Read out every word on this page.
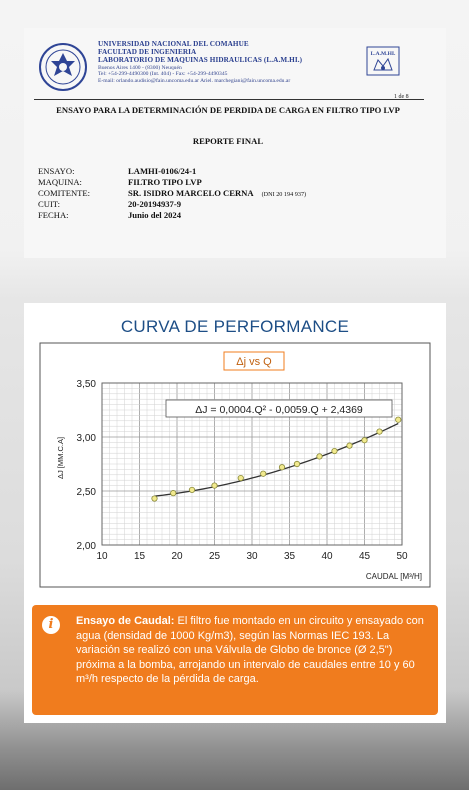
UNIVERSIDAD NACIONAL DEL COMAHUE
FACULTAD DE INGENIERIA
LABORATORIO DE MAQUINAS HIDRAULICAS (L.A.M.HI.)
Buenos Aires 1400 - (8300) Neuquén
Tel: +54-299-4490300 (Int. 404) - Fax: +54-299-4490345
E-mail: orlando.audisio@fain.uncoma.edu.ar Ariel. marchegiani@fain.uncoma.edu.ar
L.A.M.HI.
1 de 8
ENSAYO PARA LA DETERMINACIÓN DE PERDIDA DE CARGA EN FILTRO TIPO LVP
REPORTE FINAL
ENSAYO:	LAMHI-0106/24-1
MAQUINA:	FILTRO TIPO LVP
COMITENTE:	SR. ISIDRO MARCELO CERNA (DNI 20 194 937)
CUIT:	20-20194937-9
FECHA:	Junio del 2024
CURVA DE PERFORMANCE
10	15	20	25	30	35	40	45	50
2,00
2,50
3,00
3,50
Δj vs Q
ΔJ = 0,0004.Q² - 0,0059.Q + 2,4369
ΔJ [MM.C.A]
CAUDAL [M³/H]
i	Ensayo de Caudal: El filtro fue montado en un circuito y ensayado con agua (densidad de 1000 Kg/m3), según las Normas IEC 193. La variación se realizó con una Válvula de Globo de bronce (Ø 2,5") próxima a la bomba, arrojando un intervalo de caudales entre 10 y 60 m³/h respecto de la pérdida de carga.
